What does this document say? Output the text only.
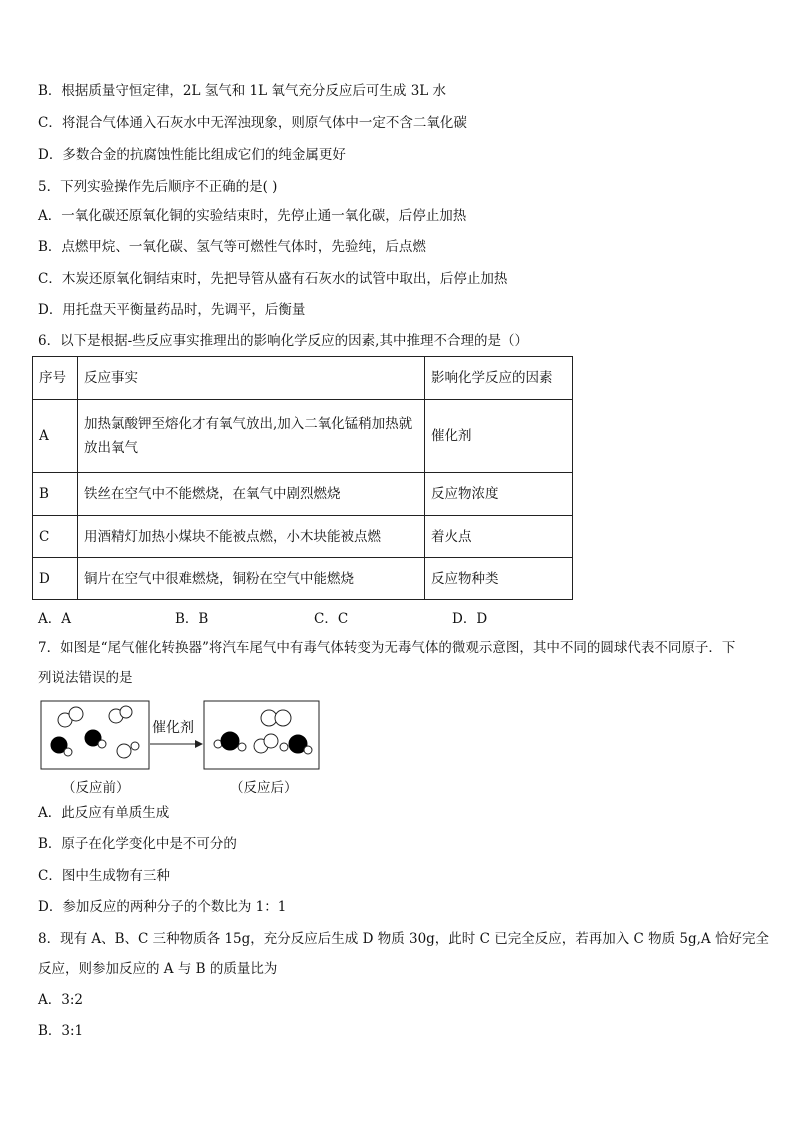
B．根据质量守恒定律，2L 氢气和 1L 氧气充分反应后可生成 3L 水
C．将混合气体通入石灰水中无浑浊现象，则原气体中一定不含二氧化碳
D．多数合金的抗腐蚀性能比组成它们的纯金属更好
5．下列实验操作先后顺序不正确的是( )
A．一氧化碳还原氧化铜的实验结束时，先停止通一氧化碳，后停止加热
B．点燃甲烷、一氧化碳、氢气等可燃性气体时，先验纯，后点燃
C．木炭还原氧化铜结束时，先把导管从盛有石灰水的试管中取出，后停止加热
D．用托盘天平衡量药品时，先调平，后衡量
6．以下是根据-些反应事实推理出的影响化学反应的因素,其中推理不合理的是（）
序号	反应事实	影响化学反应的因素
A	加热氯酸钾至熔化才有氧气放出,加入二氧化锰稍加热就放出氧气	催化剂
B	铁丝在空气中不能燃烧，在氧气中剧烈燃烧	反应物浓度
C	用酒精灯加热小煤块不能被点燃，小木块能被点燃	着火点
D	铜片在空气中很难燃烧，铜粉在空气中能燃烧	反应物种类
A．A	B．B	C．C	D．D
7．如图是“尾气催化转换器”将汽车尾气中有毒气体转变为无毒气体的微观示意图，其中不同的圆球代表不同原子．下
列说法错误的是
催化剂
（反应前）	（反应后）
A．此反应有单质生成
B．原子在化学变化中是不可分的
C．图中生成物有三种
D．参加反应的两种分子的个数比为 1：1
8．现有 A、B、C 三种物质各 15g，充分反应后生成 D 物质 30g，此时 C 已完全反应，若再加入 C 物质 5g,A 恰好完全
反应，则参加反应的 A 与 B 的质量比为
A．3:2
B．3:1
